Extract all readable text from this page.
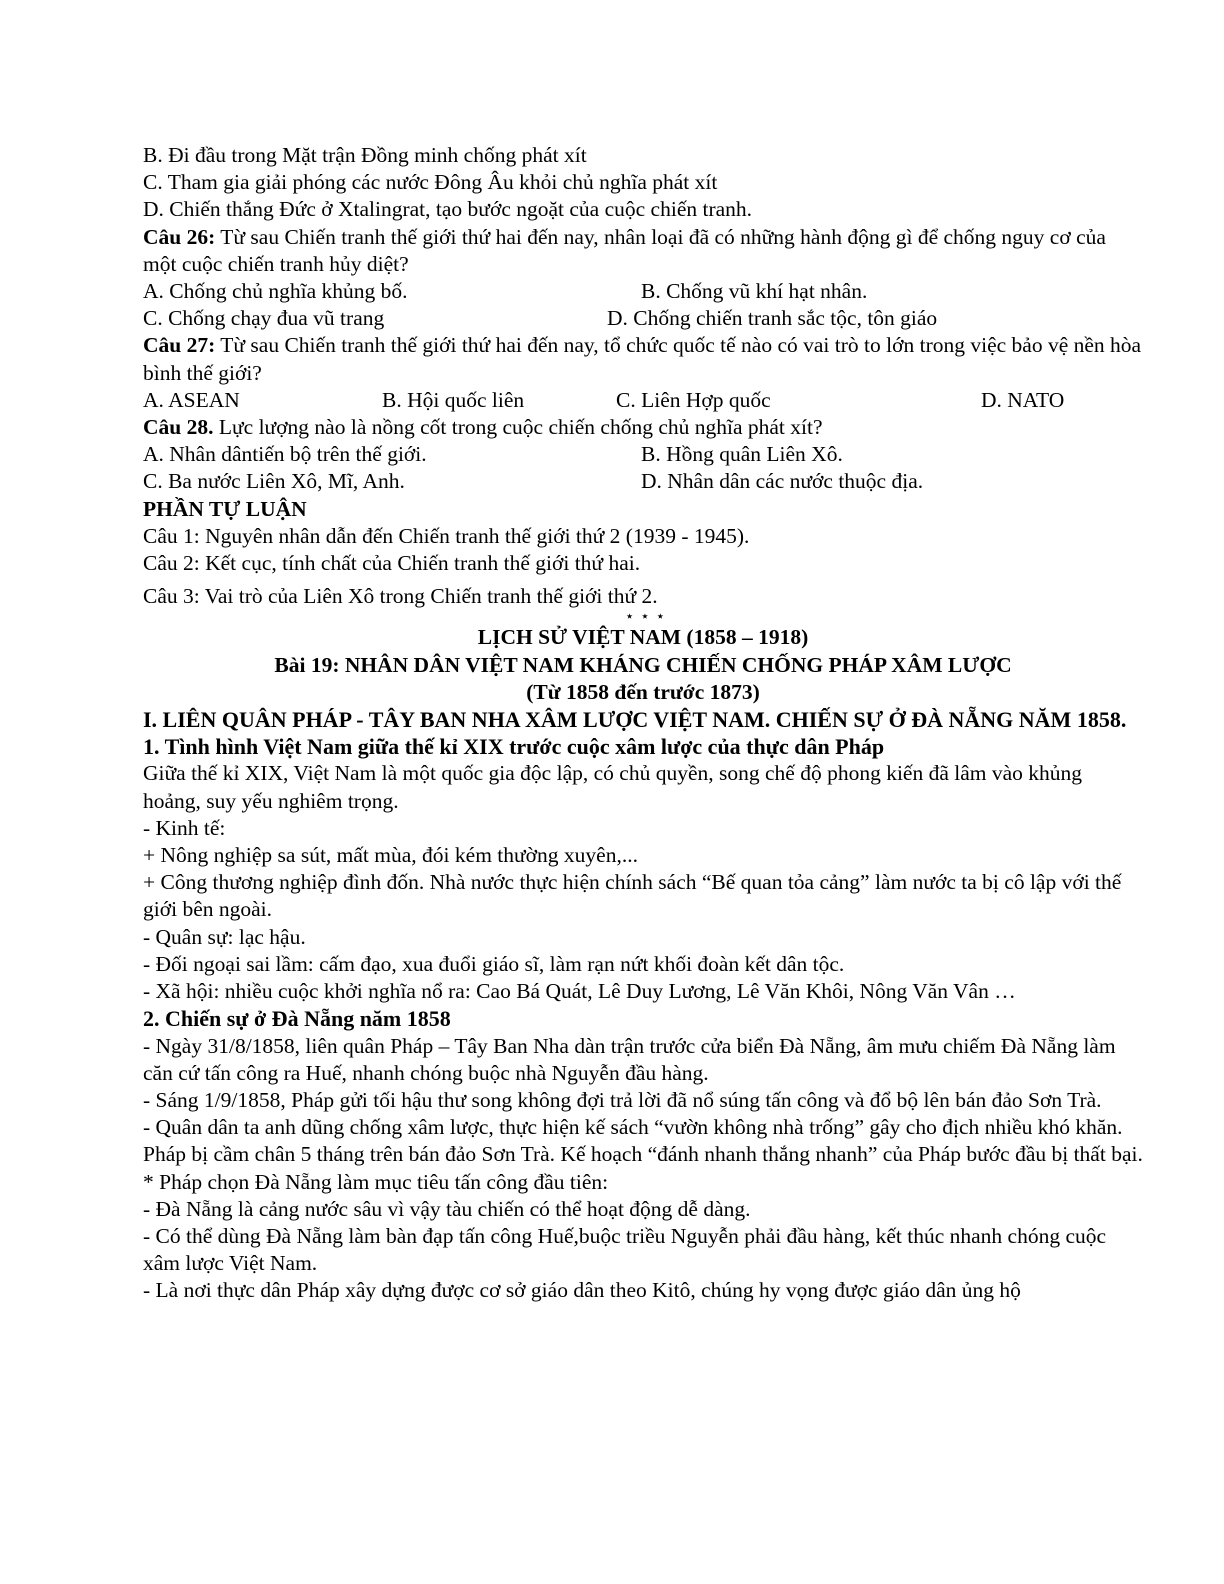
B. Đi đầu trong Mặt trận Đồng minh chống phát xít
C. Tham gia giải phóng các nước Đông Âu khỏi chủ nghĩa phát xít
D. Chiến thắng Đức ở Xtalingrat, tạo bước ngoặt của cuộc chiến tranh.
Câu 26: Từ sau Chiến tranh thế giới thứ hai đến nay, nhân loại đã có những hành động gì để chống nguy cơ của một cuộc chiến tranh hủy diệt?
A. Chống chủ nghĩa khủng bố.	B. Chống vũ khí hạt nhân.
C. Chống chạy đua vũ trang	D. Chống chiến tranh sắc tộc, tôn giáo
Câu 27: Từ sau Chiến tranh thế giới thứ hai đến nay, tổ chức quốc tế nào có vai trò to lớn trong việc bảo vệ nền hòa bình thế giới?
A. ASEAN	B. Hội quốc liên	C. Liên Hợp quốc	D. NATO
Câu 28. Lực lượng nào là nồng cốt trong cuộc chiến chống chủ nghĩa phát xít?
A. Nhân dântiến bộ trên thế giới.	B. Hồng quân Liên Xô.
C. Ba nước Liên Xô, Mĩ, Anh.	D. Nhân dân các nước thuộc địa.
PHẦN TỰ LUẬN
Câu 1: Nguyên nhân dẫn đến Chiến tranh thế giới thứ 2 (1939 - 1945).
Câu 2: Kết cục, tính chất của Chiến tranh thế giới thứ hai.
Câu 3: Vai trò của Liên Xô trong Chiến tranh thế giới thứ 2.
⋆⋆⋆
LỊCH SỬ VIỆT NAM (1858 – 1918)
Bài 19: NHÂN DÂN VIỆT NAM KHÁNG CHIẾN CHỐNG PHÁP XÂM LƯỢC
(Từ 1858 đến trước 1873)
I. LIÊN QUÂN PHÁP - TÂY BAN NHA XÂM LƯỢC VIỆT NAM. CHIẾN SỰ Ở ĐÀ NẴNG NĂM 1858.
1. Tình hình Việt Nam giữa thế kỉ XIX trước cuộc xâm lược của thực dân Pháp
Giữa thế kỉ XIX, Việt Nam là một quốc gia độc lập, có chủ quyền, song chế độ phong kiến đã lâm vào khủng hoảng, suy yếu nghiêm trọng.
- Kinh tế:
+ Nông nghiệp sa sút, mất mùa, đói kém thường xuyên,...
+ Công thương nghiệp đình đốn. Nhà nước thực hiện chính sách “Bế quan tỏa cảng” làm nước ta bị cô lập với thế giới bên ngoài.
- Quân sự: lạc hậu.
- Đối ngoại sai lầm: cấm đạo, xua đuổi giáo sĩ, làm rạn nứt khối đoàn kết dân tộc.
- Xã hội: nhiều cuộc khởi nghĩa nổ ra: Cao Bá Quát, Lê Duy Lương, Lê Văn Khôi, Nông Văn Vân …
2. Chiến sự ở Đà Nẵng năm 1858
- Ngày 31/8/1858, liên quân Pháp – Tây Ban Nha dàn trận trước cửa biển Đà Nẵng, âm mưu chiếm Đà Nẵng làm căn cứ tấn công ra Huế, nhanh chóng buộc nhà Nguyễn đầu hàng.
- Sáng 1/9/1858, Pháp gửi tối hậu thư song không đợi trả lời đã nổ súng tấn công và đổ bộ lên bán đảo Sơn Trà.
- Quân dân ta anh dũng chống xâm lược, thực hiện kế sách “vườn không nhà trống” gây cho địch nhiều khó khăn. Pháp bị cầm chân 5 tháng trên bán đảo Sơn Trà. Kế hoạch “đánh nhanh thắng nhanh” của Pháp bước đầu bị thất bại.
* Pháp chọn Đà Nẵng làm mục tiêu tấn công đầu tiên:
- Đà Nẵng là cảng nước sâu vì vậy tàu chiến có thể hoạt động dễ dàng.
- Có thể dùng Đà Nẵng làm bàn đạp tấn công Huế,buộc triều Nguyễn phải đầu hàng, kết thúc nhanh chóng cuộc xâm lược Việt Nam.
- Là nơi thực dân Pháp xây dựng được cơ sở giáo dân theo Kitô, chúng hy vọng được giáo dân ủng hộ
